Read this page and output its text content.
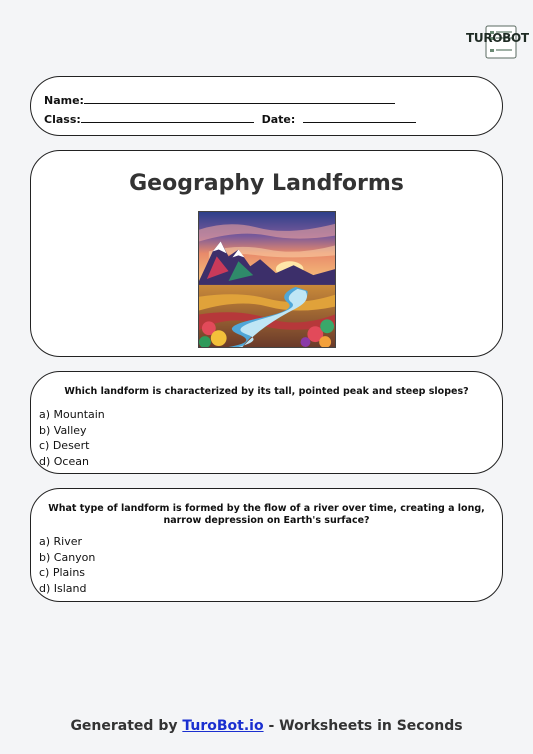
TUROBOT
Name:
Class:	Date:
Geography Landforms
Which landform is characterized by its tall, pointed peak and steep slopes?
a) Mountain
b) Valley
c) Desert
d) Ocean
What type of landform is formed by the flow of a river over time, creating a long, narrow depression on Earth's surface?
a) River
b) Canyon
c) Plains
d) Island
Generated by TuroBot.io - Worksheets in Seconds
